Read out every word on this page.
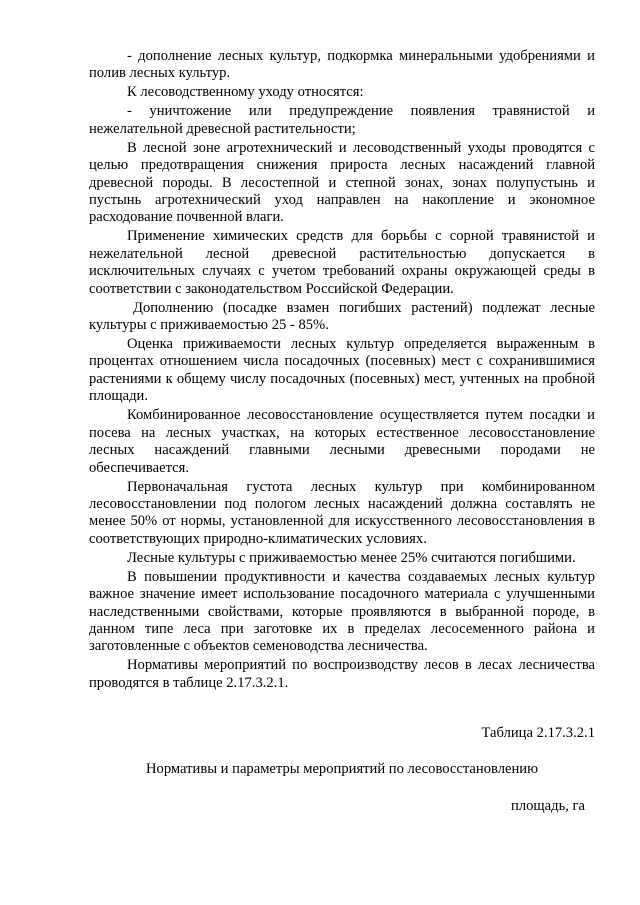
- дополнение лесных культур, подкормка минеральными удобрениями и полив лесных культур.

К лесоводственному уходу относятся:

- уничтожение или предупреждение появления травянистой и нежелательной древесной растительности;

В лесной зоне агротехнический и лесоводственный уходы проводятся с целью предотвращения снижения прироста лесных насаждений главной древесной породы. В лесостепной и степной зонах, зонах полупустынь и пустынь агротехнический уход направлен на накопление и экономное расходование почвенной влаги.

Применение химических средств для борьбы с сорной травянистой и нежелательной лесной древесной растительностью допускается в исключительных случаях с учетом требований охраны окружающей среды в соответствии с законодательством Российской Федерации.

Дополнению (посадке взамен погибших растений) подлежат лесные культуры с приживаемостью 25 - 85%.

Оценка приживаемости лесных культур определяется выраженным в процентах отношением числа посадочных (посевных) мест с сохранившимися растениями к общему числу посадочных (посевных) мест, учтенных на пробной площади.

Комбинированное лесовосстановление осуществляется путем посадки и посева на лесных участках, на которых естественное лесовосстановление лесных насаждений главными лесными древесными породами не обеспечивается.

Первоначальная густота лесных культур при комбинированном лесовосстановлении под пологом лесных насаждений должна составлять не менее 50% от нормы, установленной для искусственного лесовосстановления в соответствующих природно-климатических условиях.

Лесные культуры с приживаемостью менее 25% считаются погибшими.

В повышении продуктивности и качества создаваемых лесных культур важное значение имеет использование посадочного материала с улучшенными наследственными свойствами, которые проявляются в выбранной породе, в данном типе леса при заготовке их в пределах лесосеменного района и заготовленные с объектов семеноводства лесничества.

Нормативы мероприятий по воспроизводству лесов в лесах лесничества проводятся в таблице 2.17.3.2.1.

Таблица 2.17.3.2.1

Нормативы и параметры мероприятий по лесовосстановлению

площадь, га
